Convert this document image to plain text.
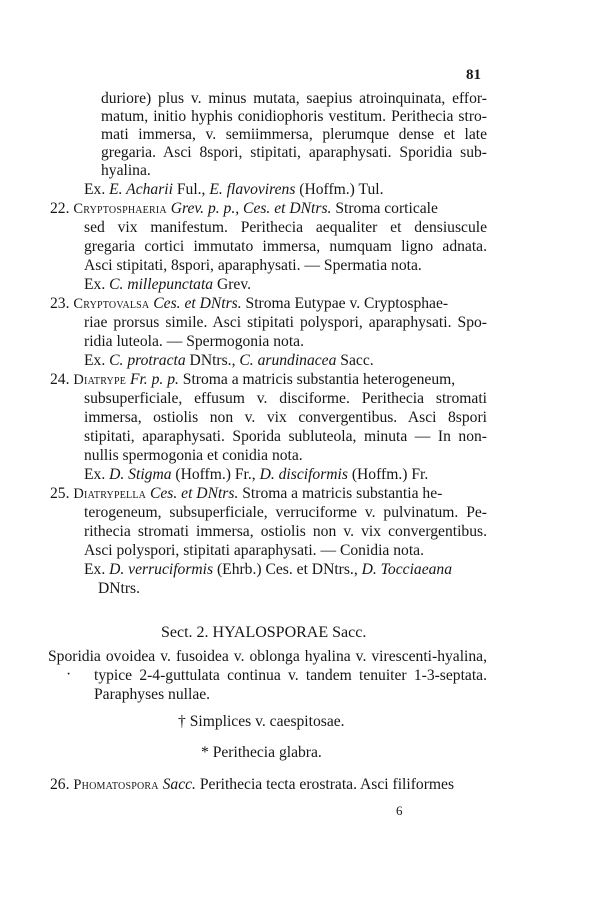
81
duriore) plus v. minus mutata, saepius atroinquinata, effor-
matum, initio hyphis conidiophoris vestitum. Perithecia stro-
mati immersa, v. semiimmersa, plerumque dense et late
gregaria. Asci 8spori, stipitati, aparaphysati. Sporidia sub-
hyalina.
Ex. E. Acharii Ful., E. flavovirens (Hoffm.) Tul.
22. Cryptosphaeria Grev. p. p., Ces. et DNtrs. Stroma corticale
sed vix manifestum. Perithecia aequaliter et densiuscule
gregaria cortici immutato immersa, numquam ligno adnata.
Asci stipitati, 8spori, aparaphysati. — Spermatia nota.
Ex. C. millepunctata Grev.
23. Cryptovalsa Ces. et DNtrs. Stroma Eutypae v. Cryptosphae-
riae prorsus simile. Asci stipitati polyspori, aparaphysati. Spo-
ridia luteola. — Spermogonia nota.
Ex. C. protracta DNtrs., C. arundinacea Sacc.
24. Diatrype Fr. p. p. Stroma a matricis substantia heterogeneum,
subsuperficiale, effusum v. disciforme. Perithecia stromati
immersa, ostiolis non v. vix convergentibus. Asci 8spori
stipitati, aparaphysati. Sporida subluteola, minuta — In non-
nullis spermogonia et conidia nota.
Ex. D. Stigma (Hoffm.) Fr., D. disciformis (Hoffm.) Fr.
25. Diatrypella Ces. et DNtrs. Stroma a matricis substantia he-
terogeneum, subsuperficiale, verruciforme v. pulvinatum. Pe-
rithecia stromati immersa, ostiolis non v. vix convergentibus.
Asci polyspori, stipitati aparaphysati. — Conidia nota.
Ex. D. verruciformis (Ehrb.) Ces. et DNtrs., D. Tocciaeana
DNtrs.
Sect. 2. HYALOSPORAE Sacc.
Sporidia ovoidea v. fusoidea v. oblonga hyalina v. virescenti-hyalina,
· typice 2-4-guttulata continua v. tandem tenuiter 1-3-septata.
Paraphyses nullae.
† Simplices v. caespitosae.
* Perithecia glabra.
26. Phomatospora Sacc. Perithecia tecta erostrata. Asci filiformes
6
